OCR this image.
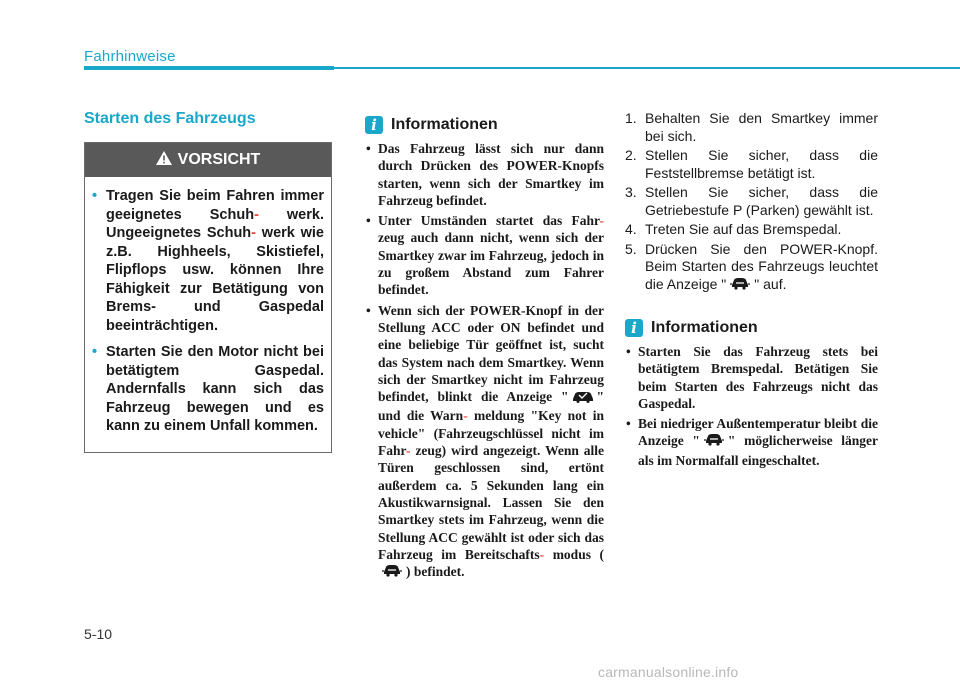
Fahrhinweise
Starten des Fahrzeugs
VORSICHT
• Tragen Sie beim Fahren immer geeignetes Schuh- werk. Ungeeignetes Schuh- werk wie z.B. Highheels, Skistiefel, Flipflops usw. können Ihre Fähigkeit zur Betätigung von Brems- und Gaspedal beeinträchtigen.
• Starten Sie den Motor nicht bei betätigtem Gaspedal. Andernfalls kann sich das Fahrzeug bewegen und es kann zu einem Unfall kommen.
i Informationen
• Das Fahrzeug lässt sich nur dann durch Drücken des POWER-Knopfs starten, wenn sich der Smartkey im Fahrzeug befindet.
• Unter Umständen startet das Fahr- zeug auch dann nicht, wenn sich der Smartkey zwar im Fahrzeug, jedoch in zu großem Abstand zum Fahrer befindet.
• Wenn sich der POWER-Knopf in der Stellung ACC oder ON befindet und eine beliebige Tür geöffnet ist, sucht das System nach dem Smartkey. Wenn sich der Smartkey nicht im Fahrzeug befindet, blinkt die Anzeige " " und die Warn- meldung "Key not in vehicle" (Fahrzeugschlüssel nicht im Fahr- zeug) wird angezeigt. Wenn alle Türen geschlossen sind, ertönt außerdem ca. 5 Sekunden lang ein Akustikwarnsignal. Lassen Sie den Smartkey stets im Fahrzeug, wenn die Stellung ACC gewählt ist oder sich das Fahrzeug im Bereitschafts- modus () befindet.
1. Behalten Sie den Smartkey immer bei sich.
2. Stellen Sie sicher, dass die Feststellbremse betätigt ist.
3. Stellen Sie sicher, dass die Getriebestufe P (Parken) gewählt ist.
4. Treten Sie auf das Bremspedal.
5. Drücken Sie den POWER-Knopf. Beim Starten des Fahrzeugs leuchtet die Anzeige " " auf.
i Informationen
• Starten Sie das Fahrzeug stets bei betätigtem Bremspedal. Betätigen Sie beim Starten des Fahrzeugs nicht das Gaspedal.
• Bei niedriger Außentemperatur bleibt die Anzeige " " möglicherweise länger als im Normalfall eingeschaltet.
5-10
carmanualsonline.info
